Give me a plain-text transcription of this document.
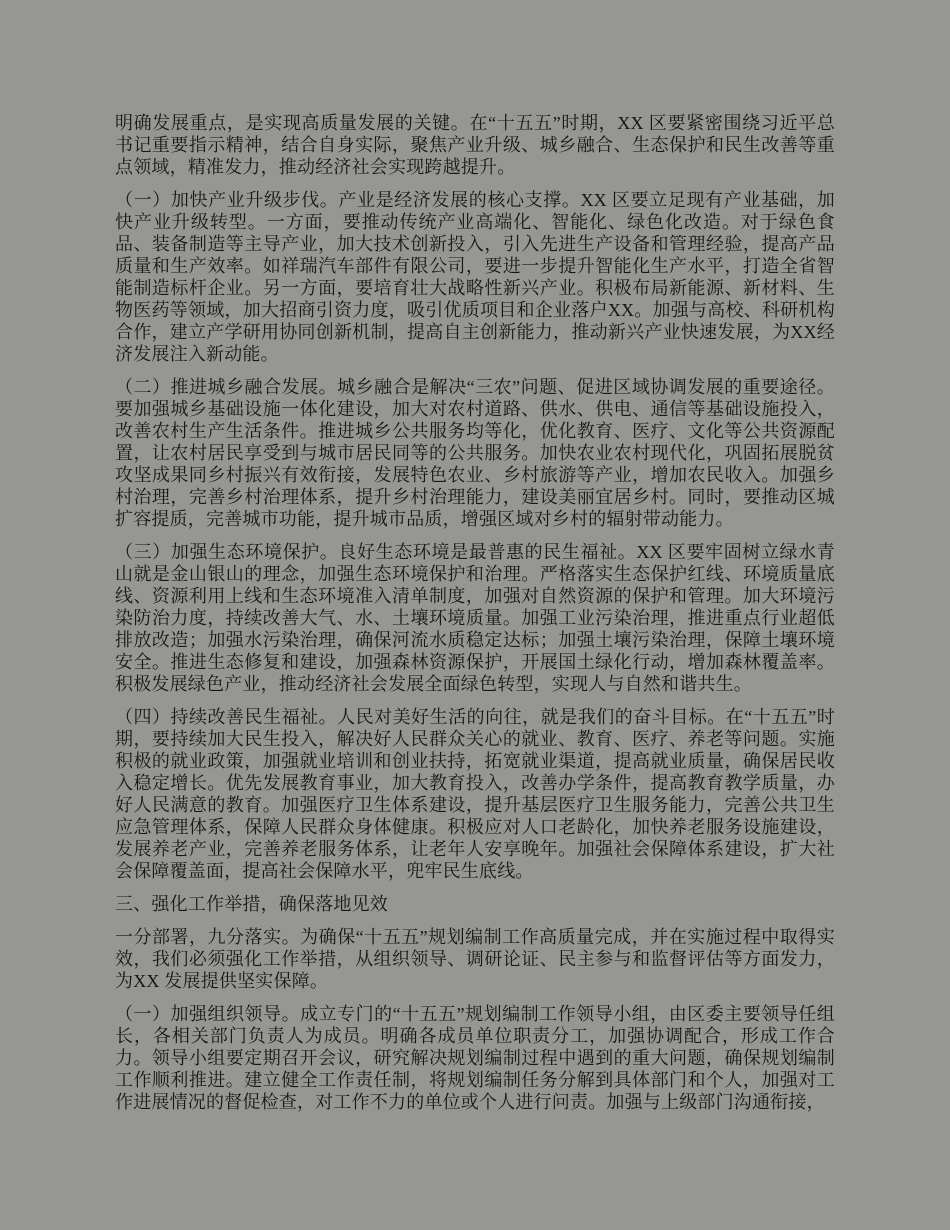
明确发展重点，是实现高质量发展的关键。在“十五五”时期，XX 区要紧密围绕习近平总书记重要指示精神，结合自身实际，聚焦产业升级、城乡融合、生态保护和民生改善等重点领域，精准发力，推动经济社会实现跨越提升。

（一）加快产业升级步伐。产业是经济发展的核心支撑。XX 区要立足现有产业基础，加快产业升级转型。一方面，要推动传统产业高端化、智能化、绿色化改造。对于绿色食品、装备制造等主导产业，加大技术创新投入，引入先进生产设备和管理经验，提高产品质量和生产效率。如祥瑞汽车部件有限公司，要进一步提升智能化生产水平，打造全省智能制造标杆企业。另一方面，要培育壮大战略性新兴产业。积极布局新能源、新材料、生物医药等领域，加大招商引资力度，吸引优质项目和企业落户XX。加强与高校、科研机构合作，建立产学研用协同创新机制，提高自主创新能力，推动新兴产业快速发展，为XX经济发展注入新动能。

（二）推进城乡融合发展。城乡融合是解决“三农”问题、促进区域协调发展的重要途径。要加强城乡基础设施一体化建设，加大对农村道路、供水、供电、通信等基础设施投入，改善农村生产生活条件。推进城乡公共服务均等化，优化教育、医疗、文化等公共资源配置，让农村居民享受到与城市居民同等的公共服务。加快农业农村现代化，巩固拓展脱贫攻坚成果同乡村振兴有效衔接，发展特色农业、乡村旅游等产业，增加农民收入。加强乡村治理，完善乡村治理体系，提升乡村治理能力，建设美丽宜居乡村。同时，要推动区城扩容提质，完善城市功能，提升城市品质，增强区域对乡村的辐射带动能力。

（三）加强生态环境保护。良好生态环境是最普惠的民生福祉。XX 区要牢固树立绿水青山就是金山银山的理念，加强生态环境保护和治理。严格落实生态保护红线、环境质量底线、资源利用上线和生态环境准入清单制度，加强对自然资源的保护和管理。加大环境污染防治力度，持续改善大气、水、土壤环境质量。加强工业污染治理，推进重点行业超低排放改造；加强水污染治理，确保河流水质稳定达标；加强土壤污染治理，保障土壤环境安全。推进生态修复和建设，加强森林资源保护，开展国土绿化行动，增加森林覆盖率。积极发展绿色产业，推动经济社会发展全面绿色转型，实现人与自然和谐共生。

（四）持续改善民生福祉。人民对美好生活的向往，就是我们的奋斗目标。在“十五五”时期，要持续加大民生投入，解决好人民群众关心的就业、教育、医疗、养老等问题。实施积极的就业政策，加强就业培训和创业扶持，拓宽就业渠道，提高就业质量，确保居民收入稳定增长。优先发展教育事业，加大教育投入，改善办学条件，提高教育教学质量，办好人民满意的教育。加强医疗卫生体系建设，提升基层医疗卫生服务能力，完善公共卫生应急管理体系，保障人民群众身体健康。积极应对人口老龄化，加快养老服务设施建设，发展养老产业，完善养老服务体系，让老年人安享晚年。加强社会保障体系建设，扩大社会保障覆盖面，提高社会保障水平，兜牢民生底线。

三、强化工作举措，确保落地见效

一分部署，九分落实。为确保“十五五”规划编制工作高质量完成，并在实施过程中取得实效，我们必须强化工作举措，从组织领导、调研论证、民主参与和监督评估等方面发力，为XX 发展提供坚实保障。

（一）加强组织领导。成立专门的“十五五”规划编制工作领导小组，由区委主要领导任组长，各相关部门负责人为成员。明确各成员单位职责分工，加强协调配合，形成工作合力。领导小组要定期召开会议，研究解决规划编制过程中遇到的重大问题，确保规划编制工作顺利推进。建立健全工作责任制，将规划编制任务分解到具体部门和个人，加强对工作进展情况的督促检查，对工作不力的单位或个人进行问责。加强与上级部门沟通衔接，
